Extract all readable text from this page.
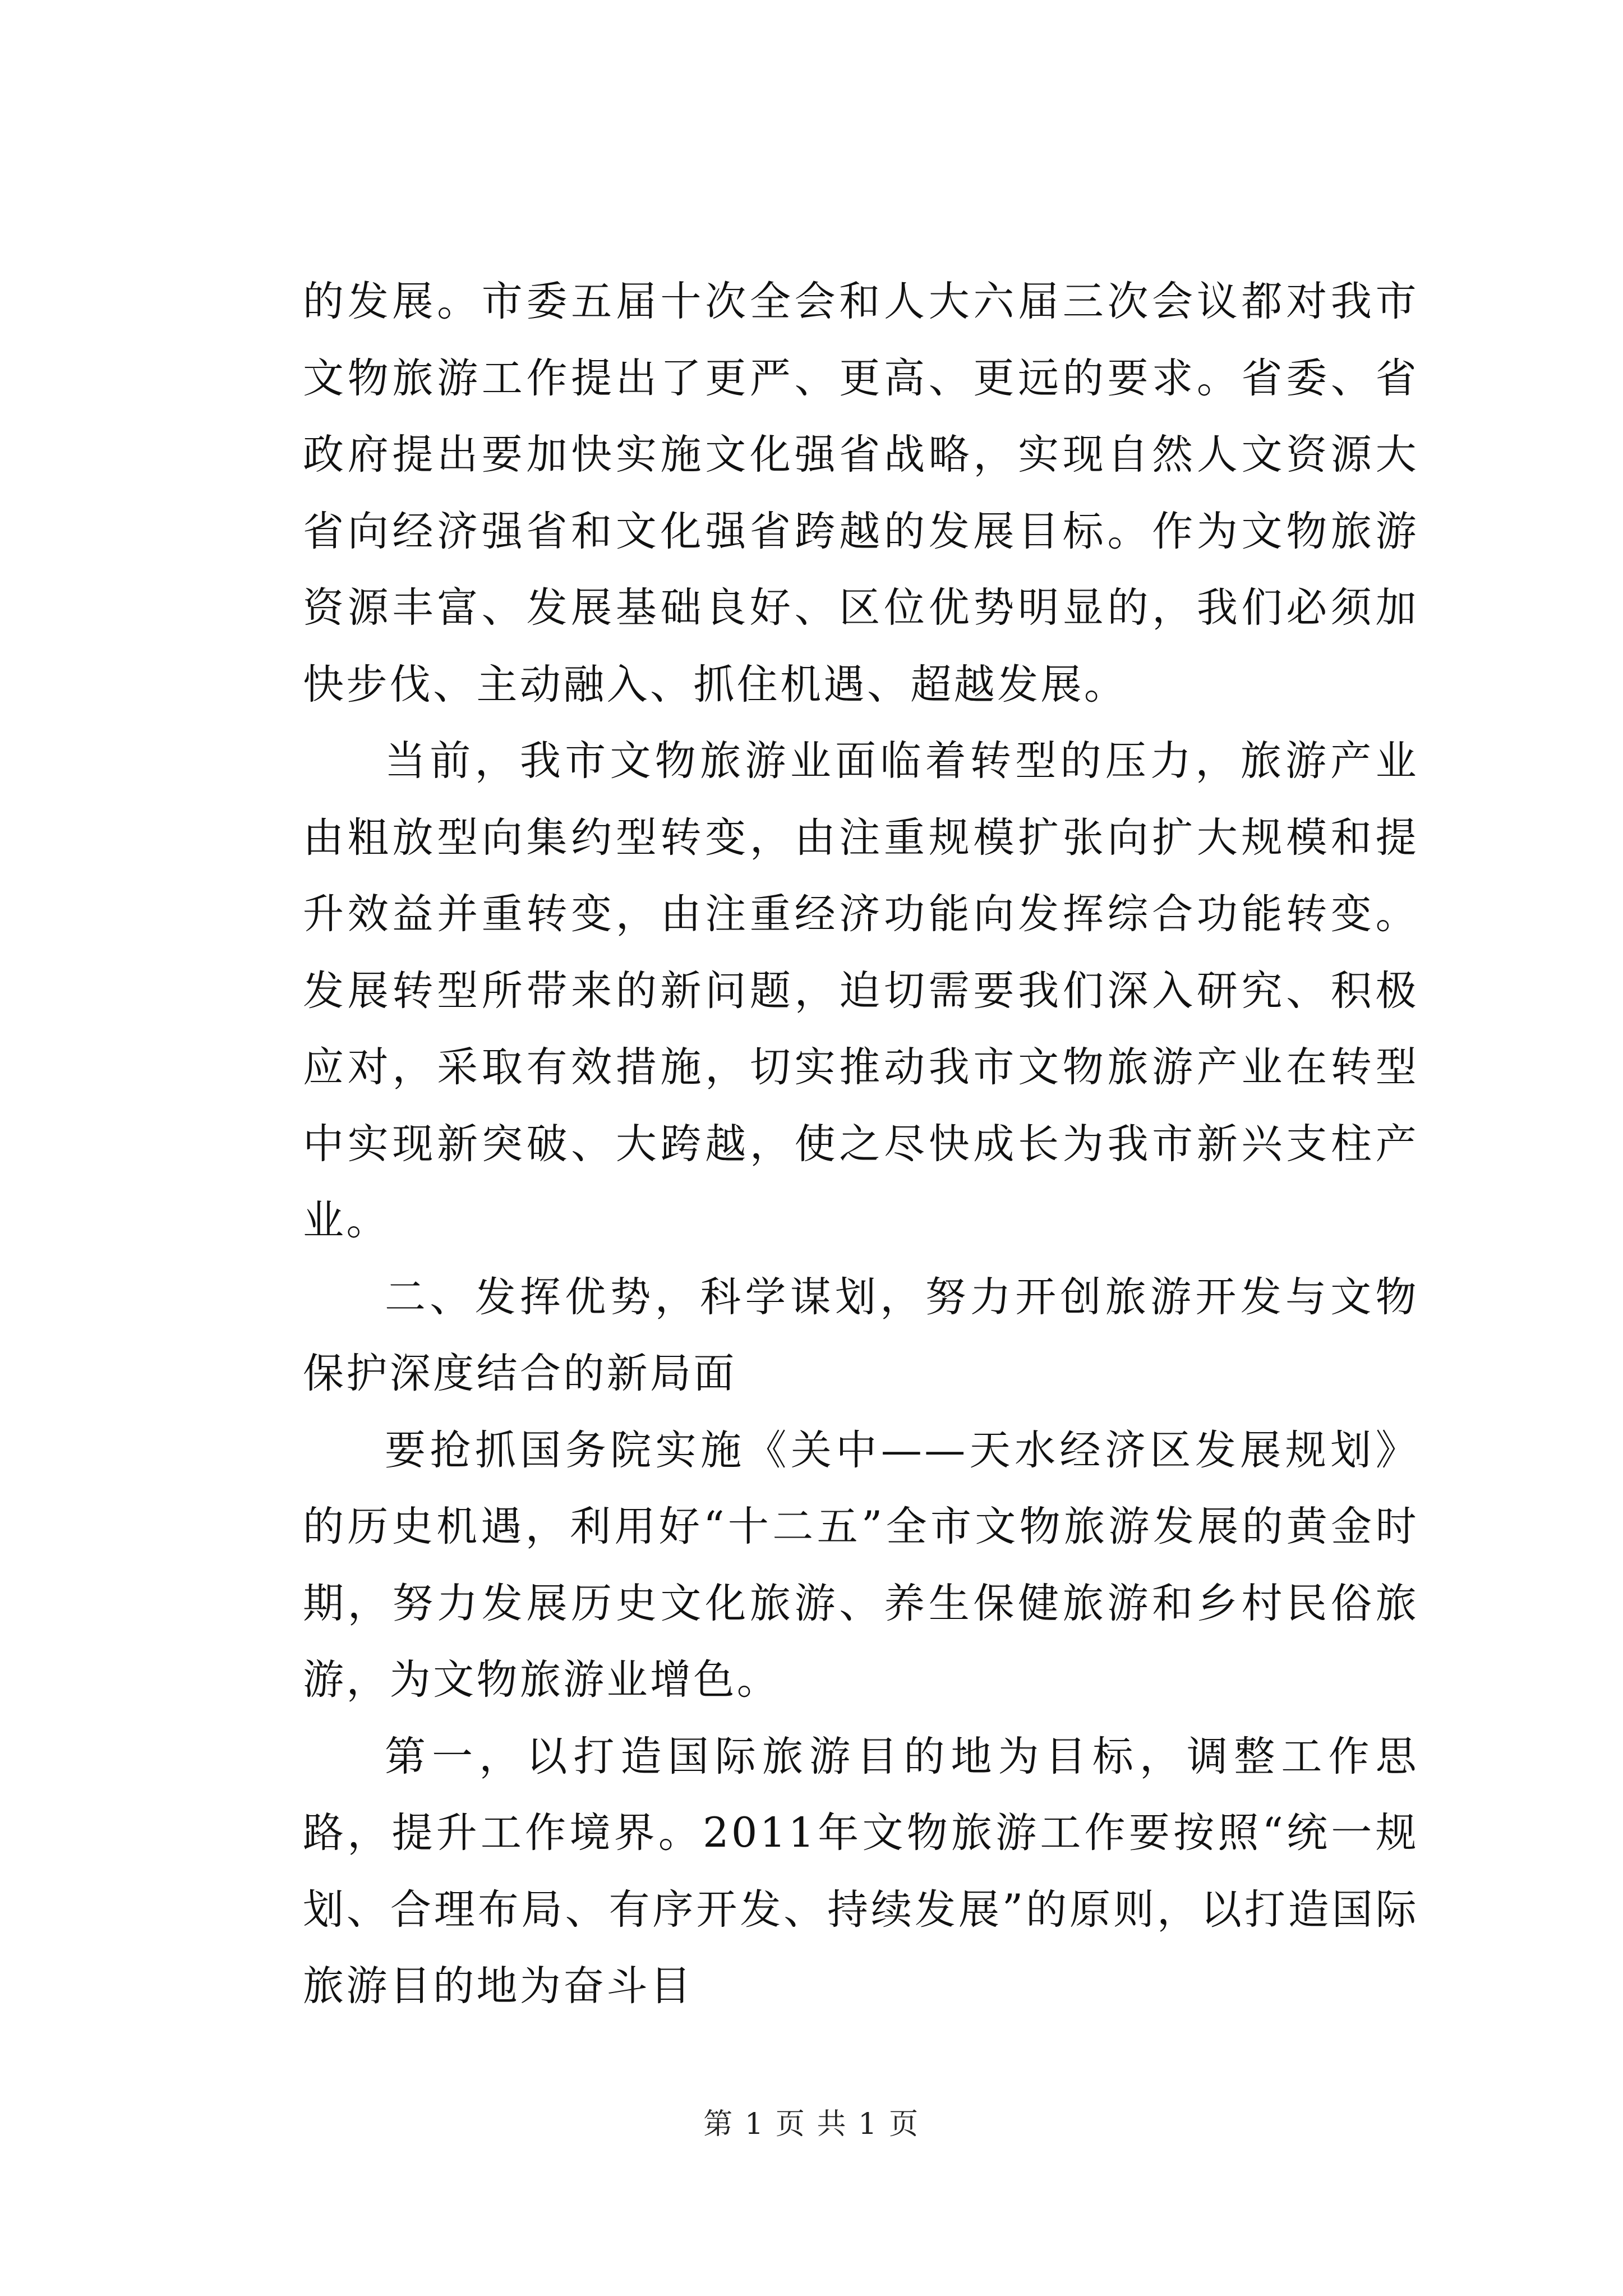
的发展。市委五届十次全会和人大六届三次会议都对我市文物旅游工作提出了更严、更高、更远的要求。省委、省政府提出要加快实施文化强省战略，实现自然人文资源大省向经济强省和文化强省跨越的发展目标。作为文物旅游资源丰富、发展基础良好、区位优势明显的，我们必须加快步伐、主动融入、抓住机遇、超越发展。

当前，我市文物旅游业面临着转型的压力，旅游产业由粗放型向集约型转变，由注重规模扩张向扩大规模和提升效益并重转变，由注重经济功能向发挥综合功能转变。发展转型所带来的新问题，迫切需要我们深入研究、积极应对，采取有效措施，切实推动我市文物旅游产业在转型中实现新突破、大跨越，使之尽快成长为我市新兴支柱产业。

二、发挥优势，科学谋划，努力开创旅游开发与文物保护深度结合的新局面

要抢抓国务院实施《关中——天水经济区发展规划》的历史机遇，利用好“十二五”全市文物旅游发展的黄金时期，努力发展历史文化旅游、养生保健旅游和乡村民俗旅游，为文物旅游业增色。

第一，以打造国际旅游目的地为目标，调整工作思路，提升工作境界。2011年文物旅游工作要按照“统一规划、合理布局、有序开发、持续发展”的原则，以打造国际旅游目的地为奋斗目

第 1 页 共 1 页
